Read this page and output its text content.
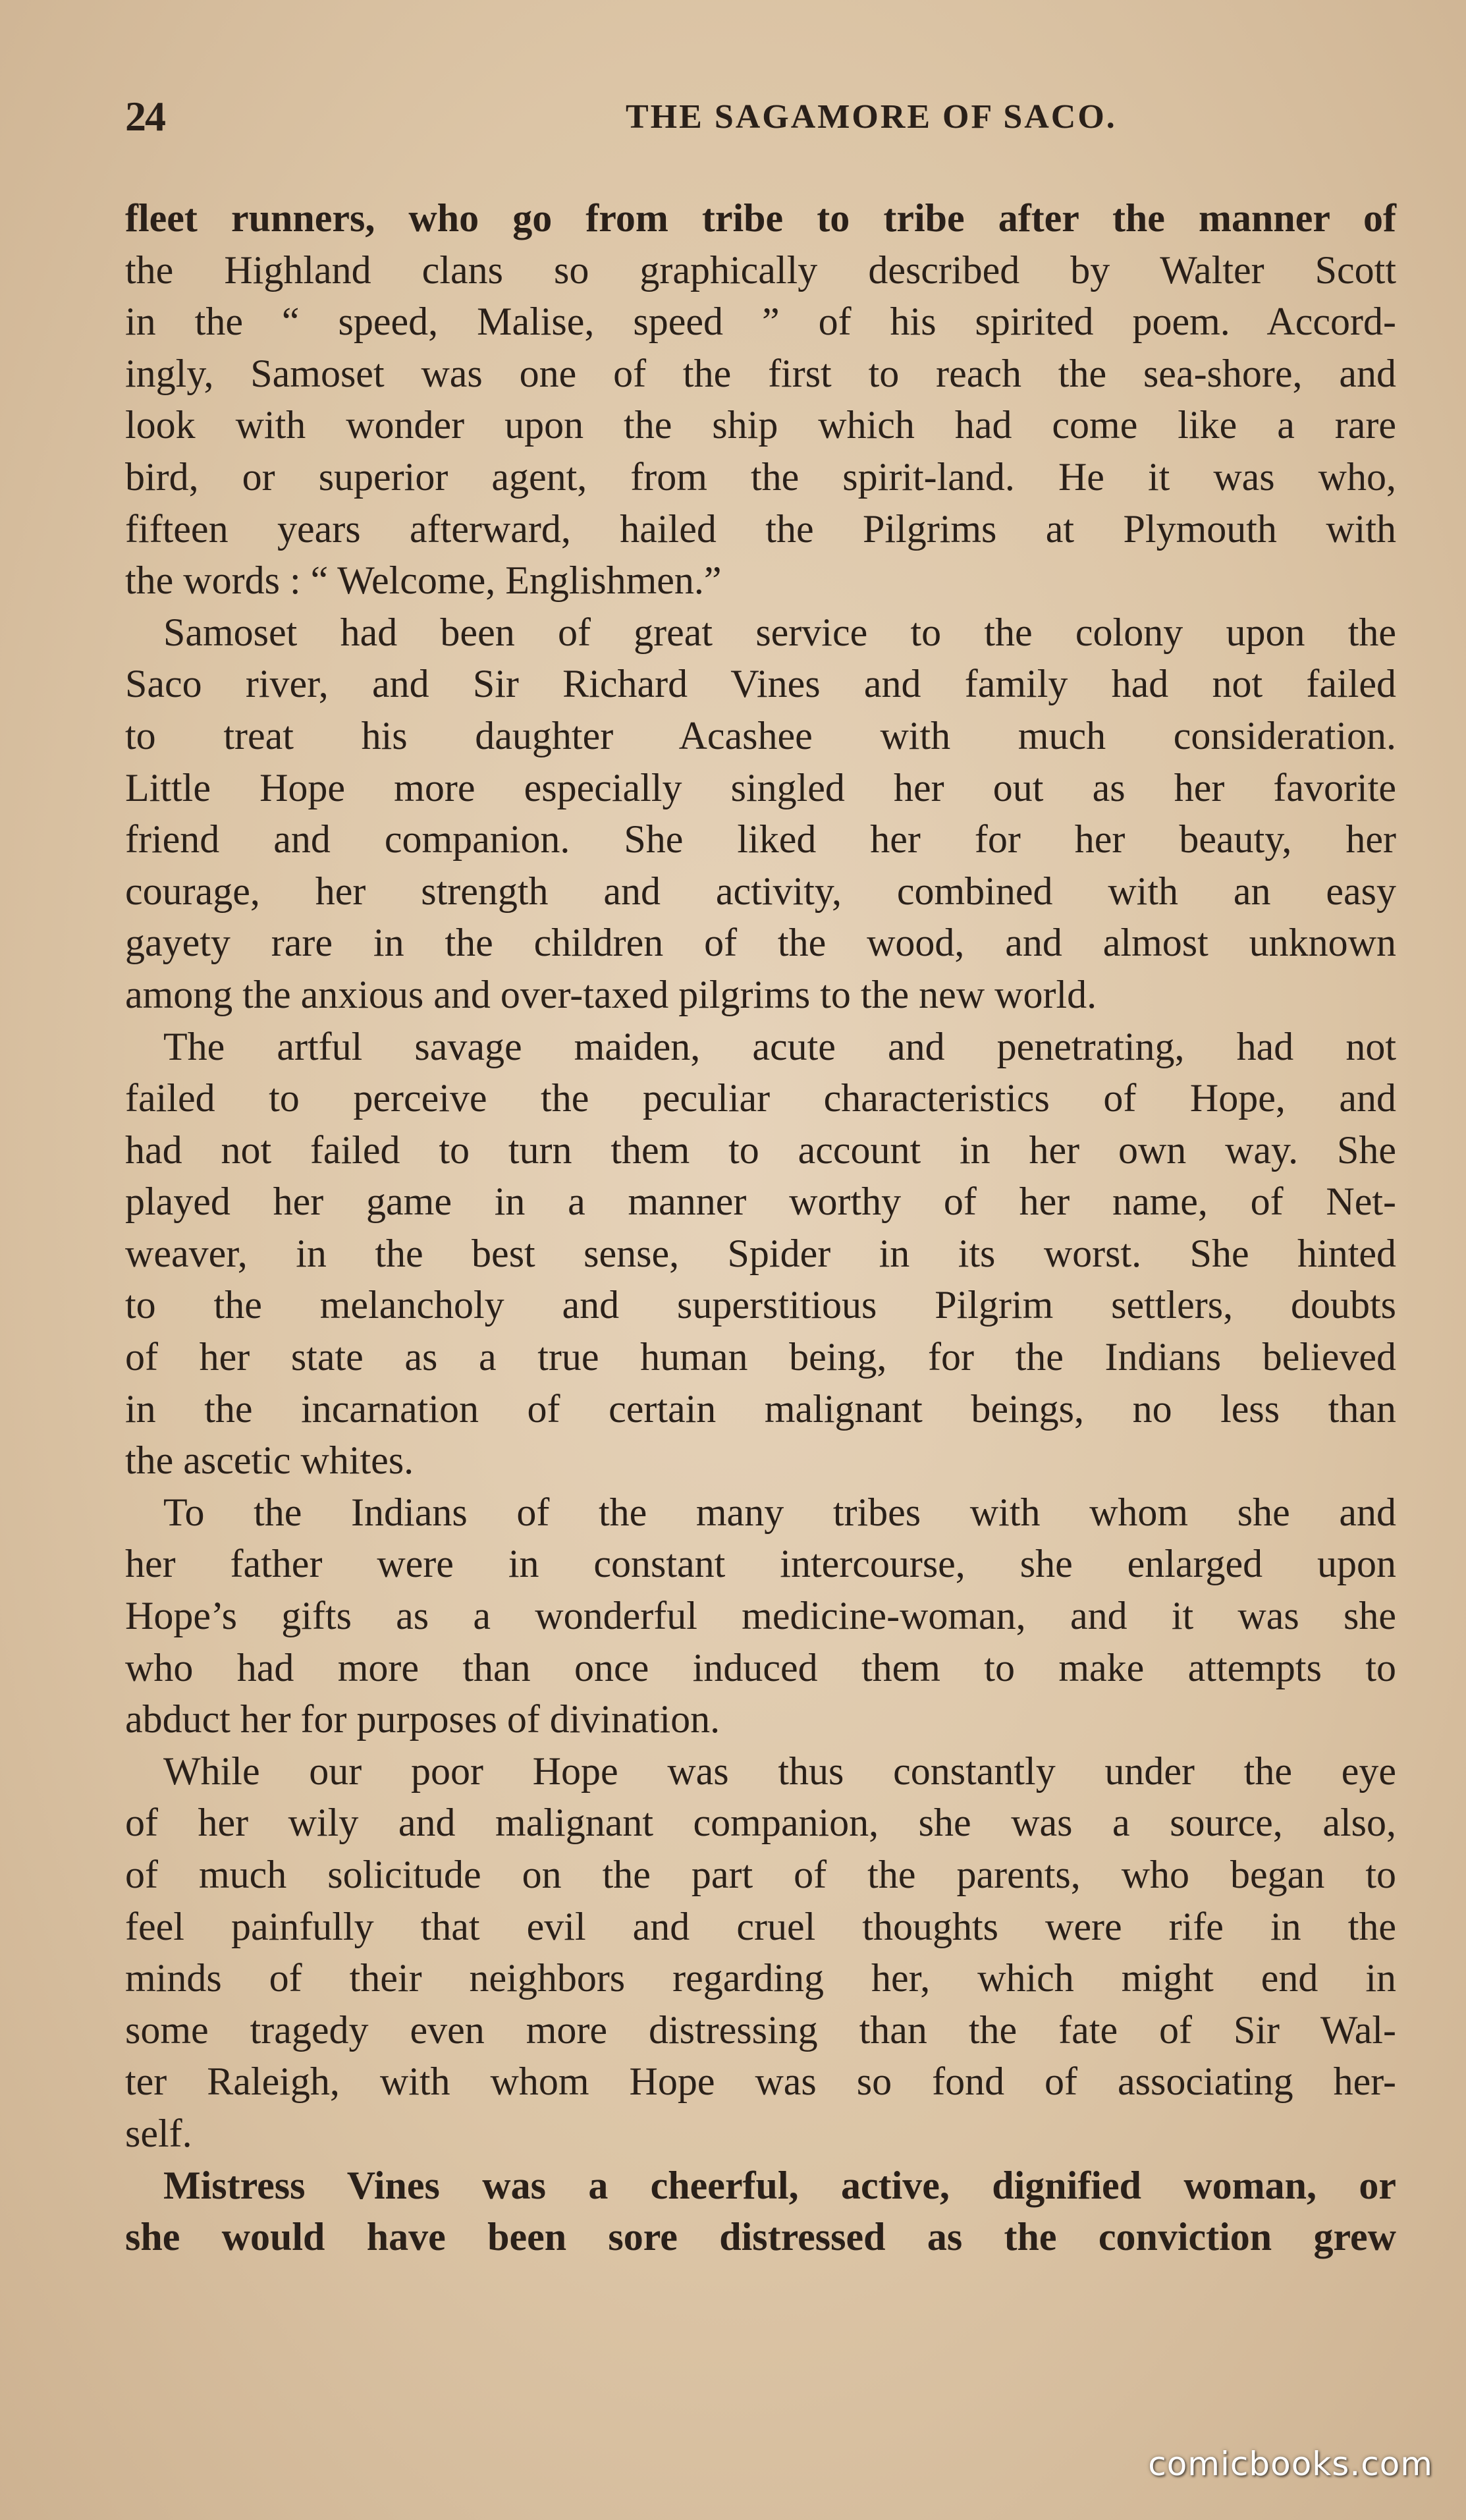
24	THE SAGAMORE OF SACO.
fleet runners, who go from tribe to tribe after the manner of
the Highland clans so graphically described by Walter Scott
in the “ speed, Malise, speed ” of his spirited poem. Accord-
ingly, Samoset was one of the first to reach the sea-shore, and
look with wonder upon the ship which had come like a rare
bird, or superior agent, from the spirit-land. He it was who,
fifteen years afterward, hailed the Pilgrims at Plymouth with
the words : “ Welcome, Englishmen.”
Samoset had been of great service to the colony upon the
Saco river, and Sir Richard Vines and family had not failed
to treat his daughter Acashee with much consideration.
Little Hope more especially singled her out as her favorite
friend and companion. She liked her for her beauty, her
courage, her strength and activity, combined with an easy
gayety rare in the children of the wood, and almost unknown
among the anxious and over-taxed pilgrims to the new world.
The artful savage maiden, acute and penetrating, had not
failed to perceive the peculiar characteristics of Hope, and
had not failed to turn them to account in her own way. She
played her game in a manner worthy of her name, of Net-
weaver, in the best sense, Spider in its worst. She hinted
to the melancholy and superstitious Pilgrim settlers, doubts
of her state as a true human being, for the Indians believed
in the incarnation of certain malignant beings, no less than
the ascetic whites.
To the Indians of the many tribes with whom she and
her father were in constant intercourse, she enlarged upon
Hope’s gifts as a wonderful medicine-woman, and it was she
who had more than once induced them to make attempts to
abduct her for purposes of divination.
While our poor Hope was thus constantly under the eye
of her wily and malignant companion, she was a source, also,
of much solicitude on the part of the parents, who began to
feel painfully that evil and cruel thoughts were rife in the
minds of their neighbors regarding her, which might end in
some tragedy even more distressing than the fate of Sir Wal-
ter Raleigh, with whom Hope was so fond of associating her-
self.
Mistress Vines was a cheerful, active, dignified woman, or
she would have been sore distressed as the conviction grew
comicbooks.com
